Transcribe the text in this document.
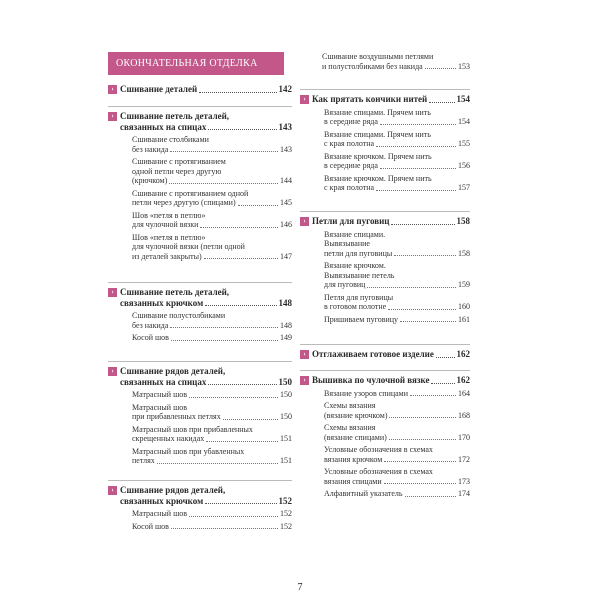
ОКОНЧАТЕЛЬНАЯ ОТДЕЛКА
› Сшивание деталей	142
› Сшивание петель деталей,
связанных на спицах	143
Сшивание столбиками
без накида	143
Сшивание с протягиванием
одной петли через другую
(крючком)	144
Сшивание с протягиванием одной
петли через другую (спицами)	145
Шов «петля в петлю»
для чулочной вязки	146
Шов «петля в петлю»
для чулочной вязки (петли одной
из деталей закрыты)	147
› Сшивание петель деталей,
связанных крючком	148
Сшивание полустолбиками
без накида	148
Косой шов	149
› Сшивание рядов деталей,
связанных на спицах	150
Матрасный шов	150
Матрасный шов
при прибавленных петлях	150
Матрасный шов при прибавленных
скрещенных накидах	151
Матрасный шов при убавленных
петлях	151
› Сшивание рядов деталей,
связанных крючком	152
Матрасный шов	152
Косой шов	152
Сшивание воздушными петлями
и полустолбиками без накида	153
› Как прятать кончики нитей	154
Вязание спицами. Прячем нить
в середине ряда	154
Вязание спицами. Прячем нить
с края полотна	155
Вязание крючком. Прячем нить
в середине ряда	156
Вязание крючком. Прячем нить
с края полотна	157
› Петли для пуговиц	158
Вязание спицами.
Вывязывание
петли для пуговицы	158
Вязание крючком.
Вывязывание петель
для пуговиц	159
Петля для пуговицы
в готовом полотне	160
Пришиваем пуговицу	161
› Отглаживаем готовое изделие	162
› Вышивка по чулочной вязке	162
Вязание узоров спицами	164
Схемы вязания
(вязание крючком)	168
Схемы вязания
(вязание спицами)	170
Условные обозначения в схемах
вязания крючком	172
Условные обозначения в схемах
вязания спицами	173
Алфавитный указатель	174
7
